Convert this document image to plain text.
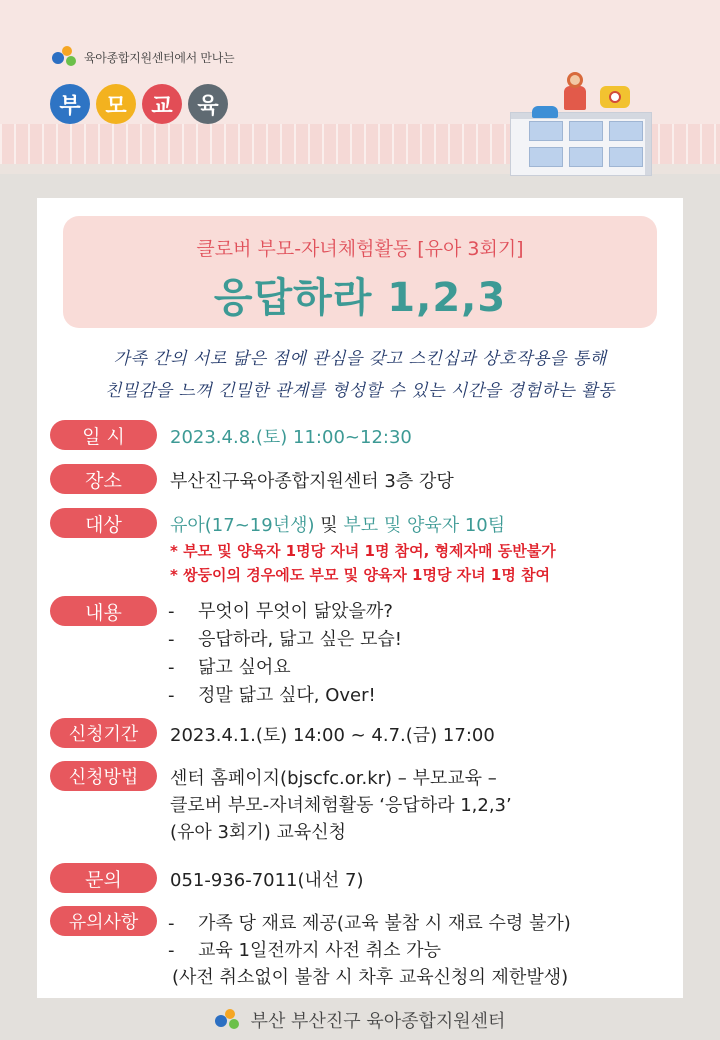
육아종합지원센터에서 만나는
부	모	교	육
클로버 부모-자녀체험활동 [유아 3회기]
응답하라 1,2,3
가족 간의 서로 닮은 점에 관심을 갖고 스킨십과 상호작용을 통해
친밀감을 느껴 긴밀한 관계를 형성할 수 있는 시간을 경험하는 활동
일 시	2023.4.8.(토) 11:00~12:30
장소	부산진구육아종합지원센터 3층 강당
대상	유아(17~19년생) 및 부모 및 양육자 10팀
* 부모 및 양육자 1명당 자녀 1명 참여, 형제자매 동반불가
* 쌍둥이의 경우에도 부모 및 양육자 1명당 자녀 1명 참여
내용	- 무엇이 무엇이 닮았을까?
- 응답하라, 닮고 싶은 모습!
- 닮고 싶어요
- 정말 닮고 싶다, Over!
신청기간	2023.4.1.(토) 14:00 ~ 4.7.(금) 17:00
신청방법	센터 홈페이지(bjscfc.or.kr) – 부모교육 –
클로버 부모-자녀체험활동 ‘응답하라 1,2,3’
(유아 3회기) 교육신청
문의	051-936-7011(내선 7)
유의사항	- 가족 당 재료 제공(교육 불참 시 재료 수령 불가)
- 교육 1일전까지 사전 취소 가능
(사전 취소없이 불참 시 차후 교육신청의 제한발생)
부산 부산진구 육아종합지원센터
